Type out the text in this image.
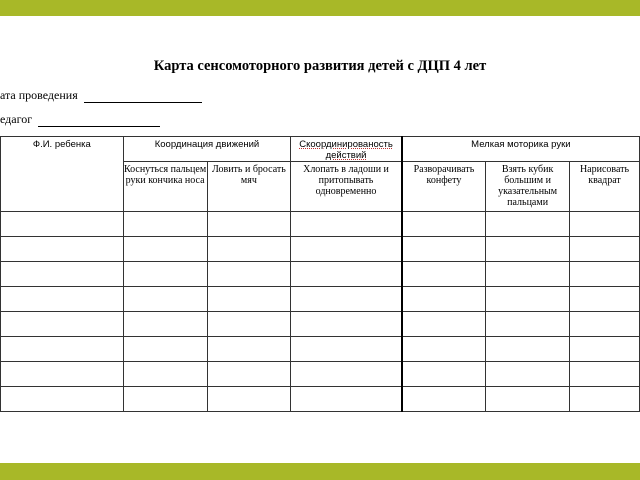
Карта сенсомоторного развития детей с ДЦП 4 лет
ата проведения
едагог
Ф.И. ребенка	Координация движений		Скоординированость действий	Мелкая моторика руки		
	Коснуться пальцем руки кончика носа	Ловить и бросать мяч	Хлопать в ладоши и притопывать одновременно	Разворачивать конфету	Взять кубик большим и указательным пальцами	Нарисовать квадрат
